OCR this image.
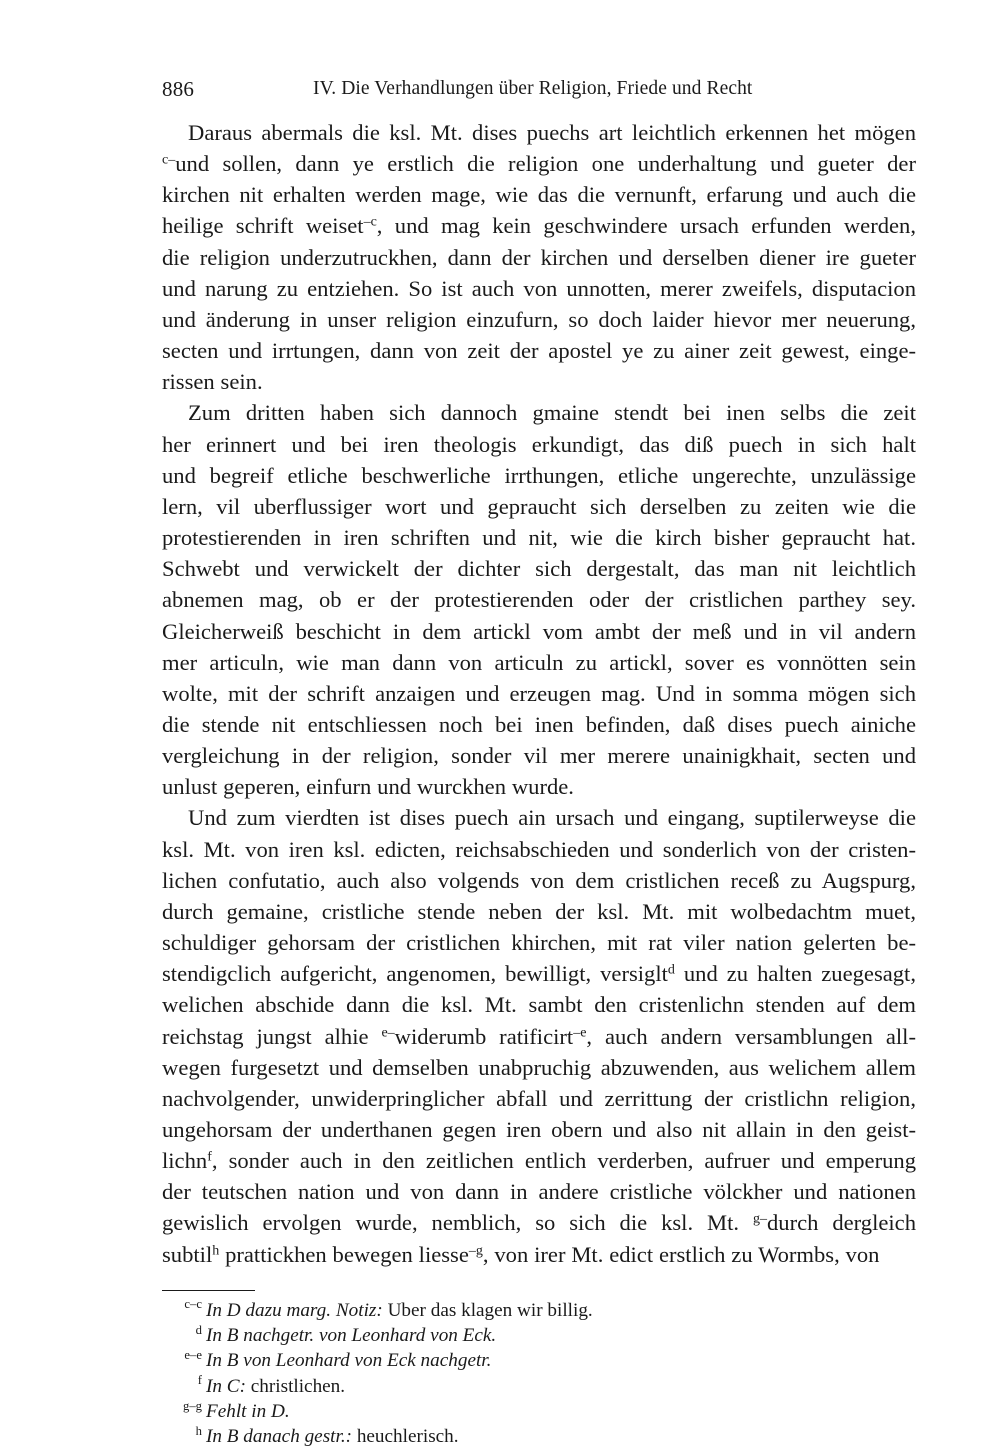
886	IV. Die Verhandlungen über Religion, Friede und Recht

Daraus abermals die ksl. Mt. dises puechs art leichtlich erkennen het mögen
$^{c-}$und sollen, dann ye erstlich die religion one underhaltung und gueter der
kirchen nit erhalten werden mage, wie das die vernunft, erfarung und auch die
heilige schrift weiset$^{-c}$, und mag kein geschwindere ursach erfunden werden,
die religion underzutruckhen, dann der kirchen und derselben diener ire gueter
und narung zu entziehen. So ist auch von unnotten, merer zweifels, disputacion
und änderung in unser religion einzufurn, so doch laider hievor mer neuerung,
secten und irrtungen, dann von zeit der apostel ye zu ainer zeit gewest, einge-
rissen sein.

Zum dritten haben sich dannoch gmaine stendt bei inen selbs die zeit
her erinnert und bei iren theologis erkundigt, das diß puech in sich halt
und begreif etliche beschwerliche irrthungen, etliche ungerechte, unzulässige
lern, vil uberflussiger wort und gepraucht sich derselben zu zeiten wie die
protestierenden in iren schriften und nit, wie die kirch bisher gepraucht hat.
Schwebt und verwickelt der dichter sich dergestalt, das man nit leichtlich
abnemen mag, ob er der protestierenden oder der cristlichen parthey sey.
Gleicherweiß beschicht in dem artickl vom ambt der meß und in vil andern
mer articuln, wie man dann von articuln zu artickl, sover es vonnötten sein
wolte, mit der schrift anzaigen und erzeugen mag. Und in somma mögen sich
die stende nit entschliessen noch bei inen befinden, daß dises puech ainiche
vergleichung in der religion, sonder vil mer merere unainigkhait, secten und
unlust geperen, einfurn und wurckhen wurde.

Und zum vierdten ist dises puech ain ursach und eingang, suptilerweyse die
ksl. Mt. von iren ksl. edicten, reichsabschieden und sonderlich von der cristen-
lichen confutatio, auch also volgends von dem cristlichen receß zu Augspurg,
durch gemaine, cristliche stende neben der ksl. Mt. mit wolbedachtm muet,
schuldiger gehorsam der cristlichen khirchen, mit rat viler nation gelerten be-
stendigclich aufgericht, angenomen, bewilligt, versiglt$^d$ und zu halten zuegesagt,
welichen abschide dann die ksl. Mt. sambt den cristenlichn stenden auf dem
reichstag jungst alhie $^{e-}$widerumb ratificirt$^{-e}$, auch andern versamblungen all-
wegen furgesetzt und demselben unabpruchig abzuwenden, aus welichem allem
nachvolgender, unwiderpringlicher abfall und zerrittung der cristlichn religion,
ungehorsam der underthanen gegen iren obern und also nit allain in den geist-
lichn$^f$, sonder auch in den zeitlichen entlich verderben, aufruer und emperung
der teutschen nation und von dann in andere cristliche völckher und nationen
gewislich ervolgen wurde, nemblich, so sich die ksl. Mt. $^{g-}$durch dergleich
subtil$^h$ prattickhen bewegen liesse$^{-g}$, von irer Mt. edict erstlich zu Wormbs, von

c–c In D dazu marg. Notiz: Uber das klagen wir billig.
d In B nachgetr. von Leonhard von Eck.
e–e In B von Leonhard von Eck nachgetr.
f In C: christlichen.
g–g Fehlt in D.
h In B danach gestr.: heuchlerisch.
